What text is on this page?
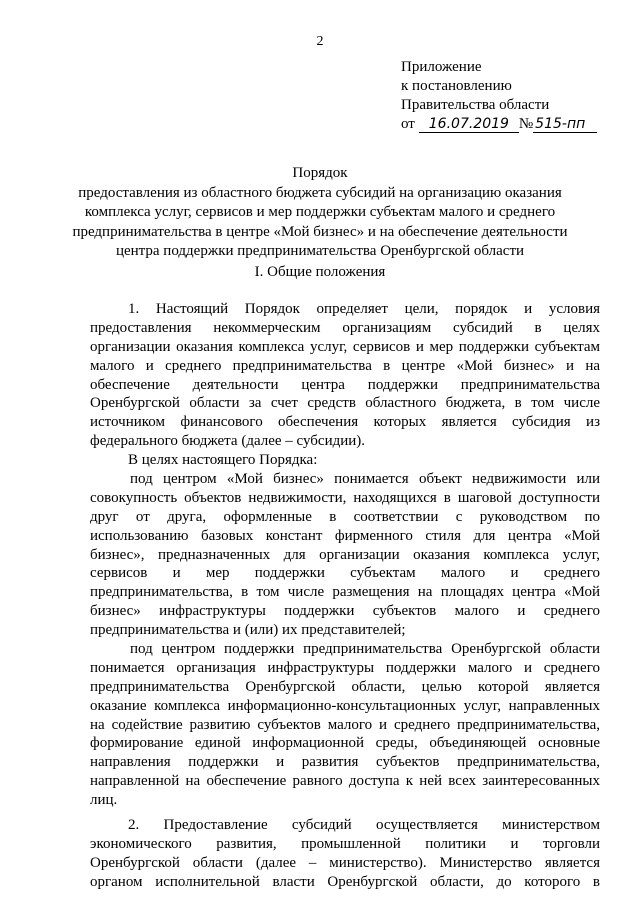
2
Приложение
к постановлению
Правительства области
от 16.07.2019 № 515-пп
Порядок
предоставления из областного бюджета субсидий на организацию оказания
комплекса услуг, сервисов и мер поддержки субъектам малого и среднего
предпринимательства в центре «Мой бизнес» и на обеспечение деятельности
центра поддержки предпринимательства Оренбургской области
I. Общие положения

1. Настоящий Порядок определяет цели, порядок и условия
предоставления некоммерческим организациям субсидий в целях
организации оказания комплекса услуг, сервисов и мер поддержки субъектам
малого и среднего предпринимательства в центре «Мой бизнес» и на
обеспечение деятельности центра поддержки предпринимательства
Оренбургской области за счет средств областного бюджета, в том числе
источником финансового обеспечения которых является субсидия из
федерального бюджета (далее – субсидии).

В целях настоящего Порядка:

под центром «Мой бизнес» понимается объект недвижимости или
совокупность объектов недвижимости, находящихся в шаговой доступности
друг от друга, оформленные в соответствии с руководством по
использованию базовых констант фирменного стиля для центра «Мой
бизнес», предназначенных для организации оказания комплекса услуг,
сервисов и мер поддержки субъектам малого и среднего
предпринимательства, в том числе размещения на площадях центра «Мой
бизнес» инфраструктуры поддержки субъектов малого и среднего
предпринимательства и (или) их представителей;

под центром поддержки предпринимательства Оренбургской области
понимается организация инфраструктуры поддержки малого и среднего
предпринимательства Оренбургской области, целью которой является
оказание комплекса информационно-консультационных услуг, направленных
на содействие развитию субъектов малого и среднего предпринимательства,
формирование единой информационной среды, объединяющей основные
направления поддержки и развития субъектов предпринимательства,
направленной на обеспечение равного доступа к ней всех заинтересованных
лиц.

2. Предоставление субсидий осуществляется министерством
экономического развития, промышленной политики и торговли
Оренбургской области (далее – министерство). Министерство является
органом исполнительной власти Оренбургской области, до которого в
